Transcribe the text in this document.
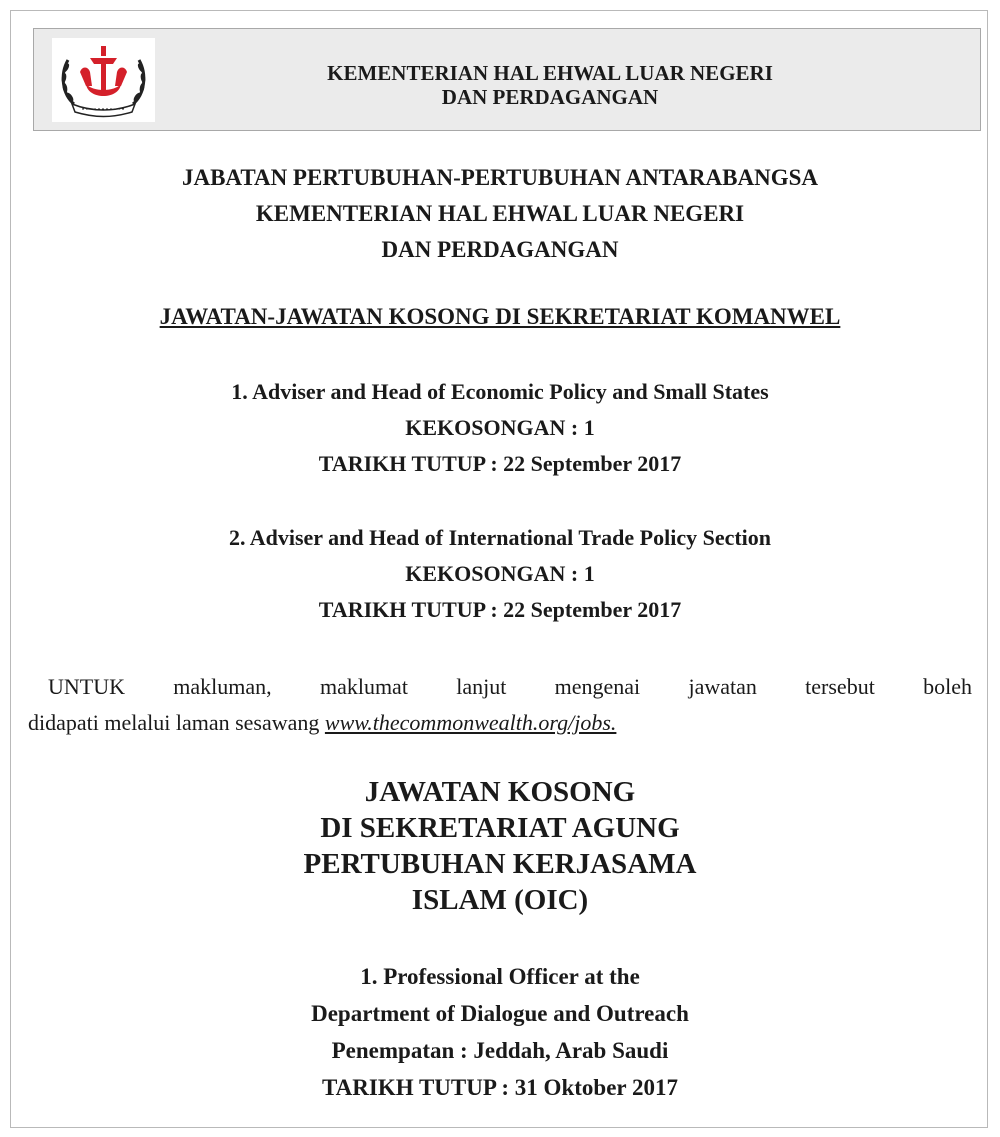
KEMENTERIAN HAL EHWAL LUAR NEGERI
DAN PERDAGANGAN
JABATAN PERTUBUHAN-PERTUBUHAN ANTARABANGSA
KEMENTERIAN HAL EHWAL LUAR NEGERI
DAN PERDAGANGAN
JAWATAN-JAWATAN KOSONG DI SEKRETARIAT KOMANWEL
1. Adviser and Head of Economic Policy and Small States
KEKOSONGAN : 1
TARIKH TUTUP : 22 September 2017
2. Adviser and Head of International Trade Policy Section
KEKOSONGAN : 1
TARIKH TUTUP : 22 September 2017
UNTUK makluman, maklumat lanjut mengenai jawatan tersebut boleh
didapati melalui laman sesawang www.thecommonwealth.org/jobs.
JAWATAN KOSONG
DI SEKRETARIAT AGUNG
PERTUBUHAN KERJASAMA
ISLAM (OIC)
1. Professional Officer at the
Department of Dialogue and Outreach
Penempatan : Jeddah, Arab Saudi
TARIKH TUTUP : 31 Oktober 2017
